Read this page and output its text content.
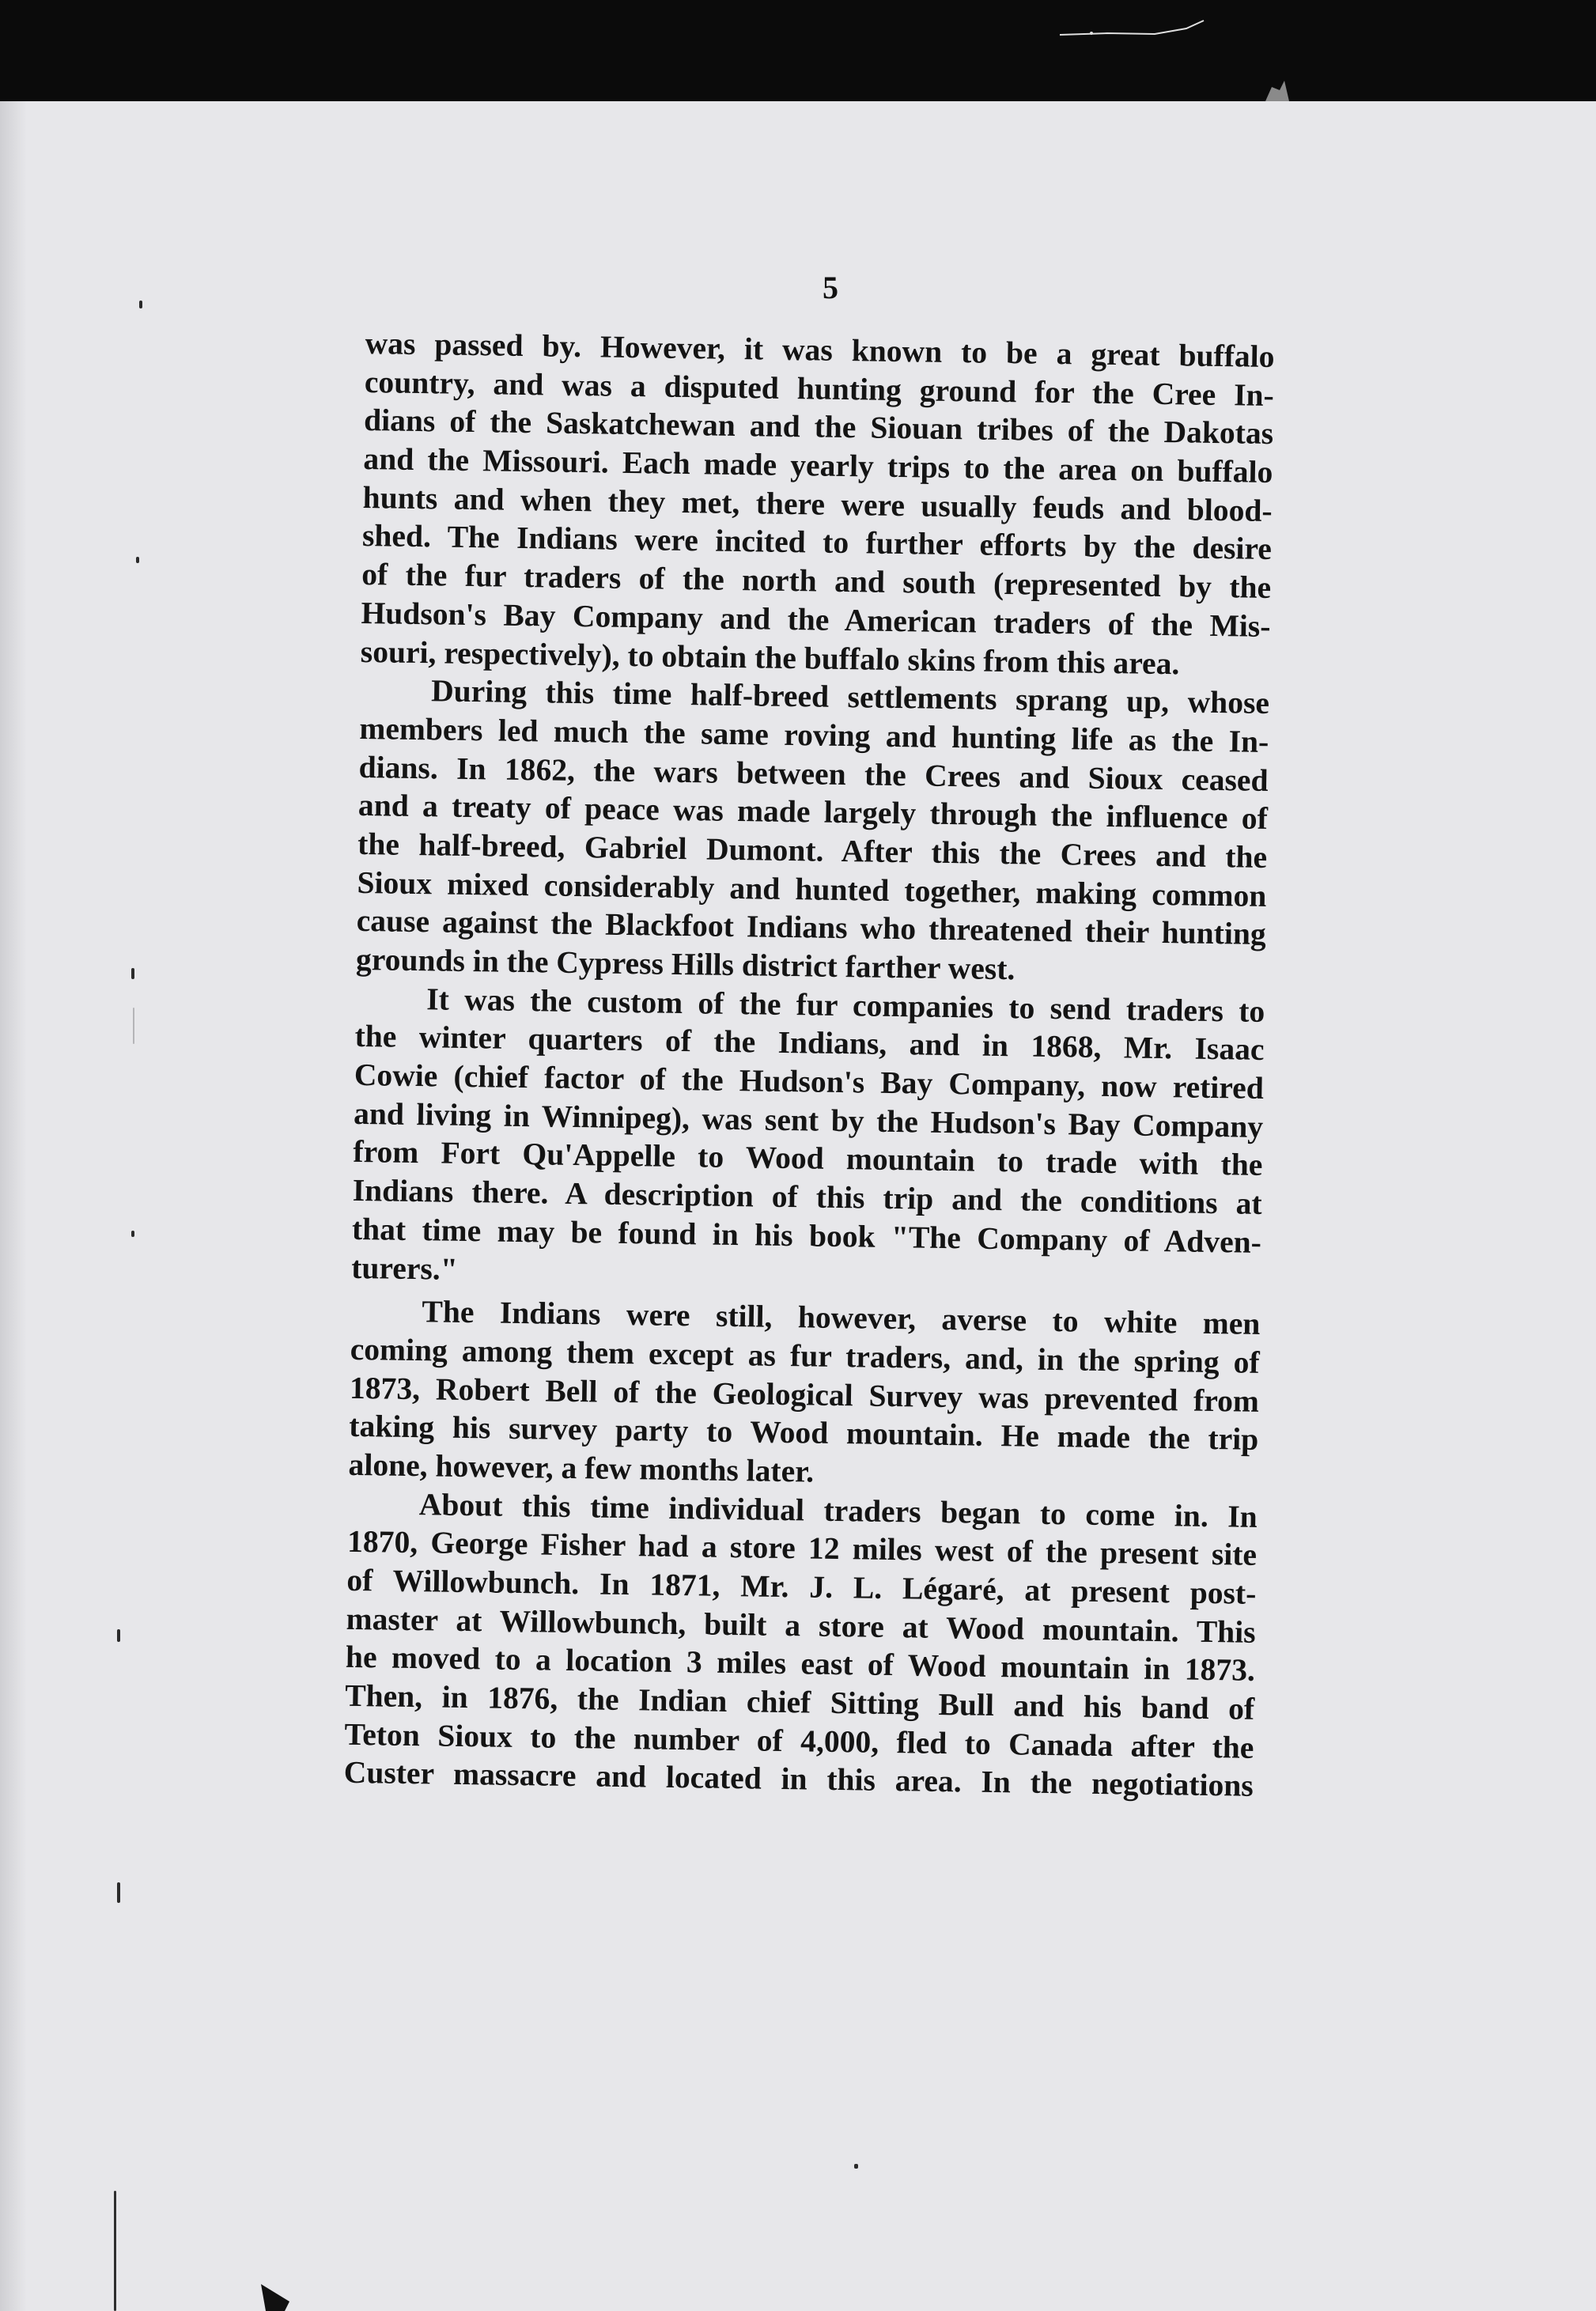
5
was passed by. However, it was known to be a great buffalo
country, and was a disputed hunting ground for the Cree In-
dians of the Saskatchewan and the Siouan tribes of the Dakotas
and the Missouri. Each made yearly trips to the area on buffalo
hunts and when they met, there were usually feuds and blood-
shed. The Indians were incited to further efforts by the desire
of the fur traders of the north and south (represented by the
Hudson's Bay Company and the American traders of the Mis-
souri, respectively), to obtain the buffalo skins from this area.
During this time half-breed settlements sprang up, whose
members led much the same roving and hunting life as the In-
dians. In 1862, the wars between the Crees and Sioux ceased
and a treaty of peace was made largely through the influence of
the half-breed, Gabriel Dumont. After this the Crees and the
Sioux mixed considerably and hunted together, making common
cause against the Blackfoot Indians who threatened their hunting
grounds in the Cypress Hills district farther west.
It was the custom of the fur companies to send traders to
the winter quarters of the Indians, and in 1868, Mr. Isaac
Cowie (chief factor of the Hudson's Bay Company, now retired
and living in Winnipeg), was sent by the Hudson's Bay Company
from Fort Qu'Appelle to Wood mountain to trade with the
Indians there. A description of this trip and the conditions at
that time may be found in his book "The Company of Adven-
turers."
The Indians were still, however, averse to white men
coming among them except as fur traders, and, in the spring of
1873, Robert Bell of the Geological Survey was prevented from
taking his survey party to Wood mountain. He made the trip
alone, however, a few months later.
About this time individual traders began to come in. In
1870, George Fisher had a store 12 miles west of the present site
of Willowbunch. In 1871, Mr. J. L. Légaré, at present post-
master at Willowbunch, built a store at Wood mountain. This
he moved to a location 3 miles east of Wood mountain in 1873.
Then, in 1876, the Indian chief Sitting Bull and his band of
Teton Sioux to the number of 4,000, fled to Canada after the
Custer massacre and located in this area. In the negotiations
